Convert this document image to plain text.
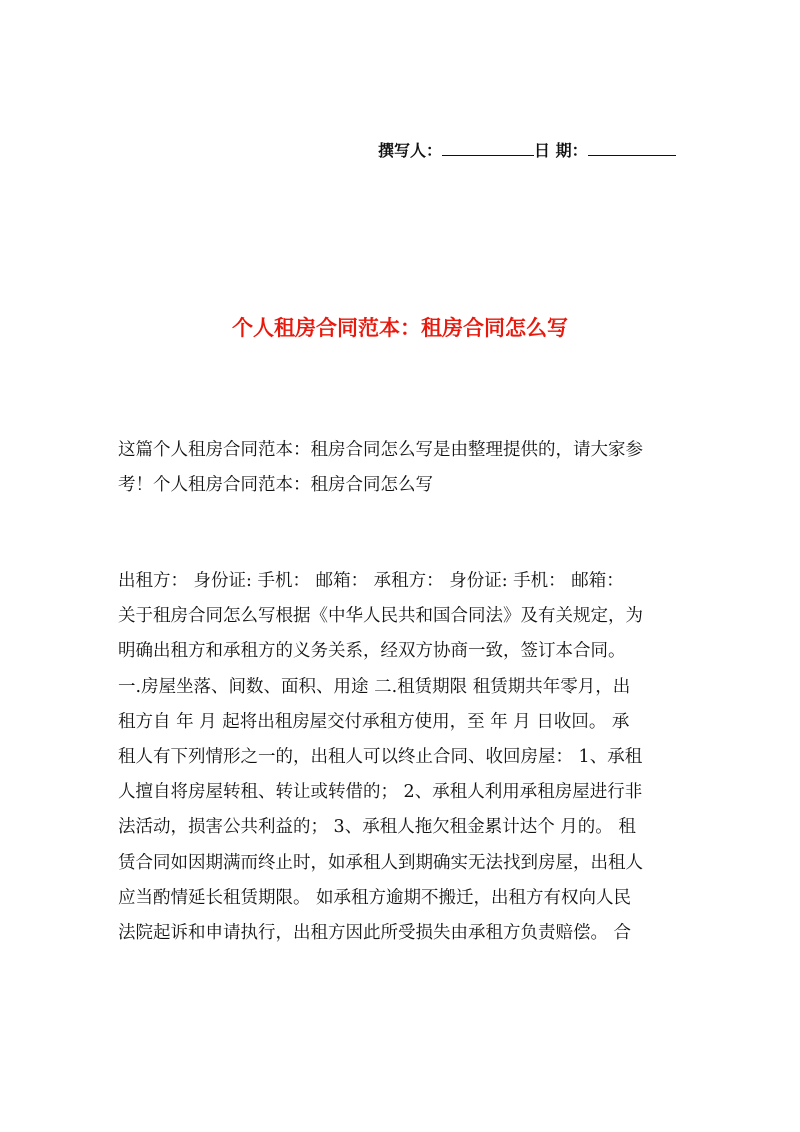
撰写人：	日 期：
个人租房合同范本：租房合同怎么写
这篇个人租房合同范本：租房合同怎么写是由整理提供的，请大家参
考！个人租房合同范本：租房合同怎么写
出租方： 身份证: 手机： 邮箱： 承租方： 身份证: 手机： 邮箱：
关于租房合同怎么写根据《中华人民共和国合同法》及有关规定，为
明确出租方和承租方的义务关系，经双方协商一致，签订本合同。
一.房屋坐落、间数、面积、用途 二.租赁期限 租赁期共年零月，出
租方自 年 月 起将出租房屋交付承租方使用，至 年 月 日收回。 承
租人有下列情形之一的，出租人可以终止合同、收回房屋： 1、承租
人擅自将房屋转租、转让或转借的； 2、承租人利用承租房屋进行非
法活动，损害公共利益的； 3、承租人拖欠租金累计达个 月的。 租
赁合同如因期满而终止时，如承租人到期确实无法找到房屋，出租人
应当酌情延长租赁期限。 如承租方逾期不搬迁，出租方有权向人民
法院起诉和申请执行，出租方因此所受损失由承租方负责赔偿。 合
